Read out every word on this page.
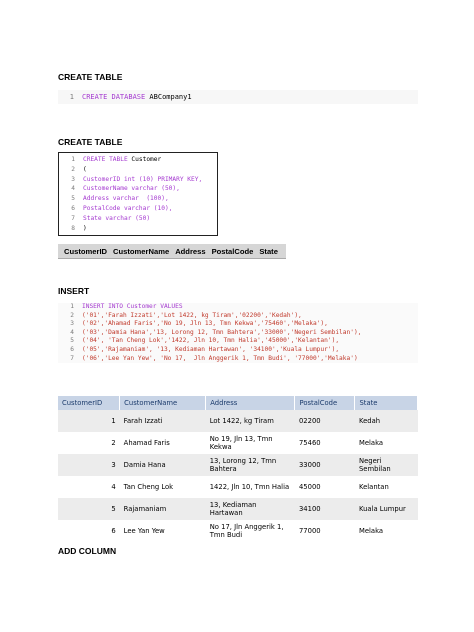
CREATE TABLE
1 CREATE DATABASE ABCompany1
CREATE TABLE
1 CREATE TABLE Customer
2 (
3 CustomerID int (10) PRIMARY KEY,
4 CustomerName varchar (50),
5 Address varchar  (100),
6 PostalCode varchar (10),
7 State varchar (50)
8 )
CustomerID CustomerName Address PostalCode State
INSERT
1 INSERT INTO Customer VALUES
2 ('01','Farah Izzati','Lot 1422, kg Tiram','02200','Kedah'),
3 ('02','Ahamad Faris','No 19, Jln 13, Tmn Kekwa','75460','Melaka'),
4 ('03','Damia Hana','13, Lorong 12, Tmn Bahtera','33000','Negeri Sembilan'),
5 ('04', 'Tan Cheng Lok','1422, Jln 10, Tmn Halia','45000','Kelantan'),
6 ('05','Rajamaniam', '13, Kediaman Hartawan', '34100','Kuala Lumpur'),
7 ('06','Lee Yan Yew', 'No 17,  Jln Anggerik 1, Tmn Budi', '77000','Melaka')
CustomerID	CustomerName	Address	PostalCode	State
1	Farah Izzati	Lot 1422, kg Tiram	02200	Kedah
2	Ahamad Faris	No 19, Jln 13, Tmn Kekwa	75460	Melaka
3	Damia Hana	13, Lorong 12, Tmn Bahtera	33000	Negeri Sembilan
4	Tan Cheng Lok	1422, Jln 10, Tmn Halia	45000	Kelantan
5	Rajamaniam	13, Kediaman Hartawan	34100	Kuala Lumpur
6	Lee Yan Yew	No 17, Jln Anggerik 1, Tmn Budi	77000	Melaka
ADD COLUMN
